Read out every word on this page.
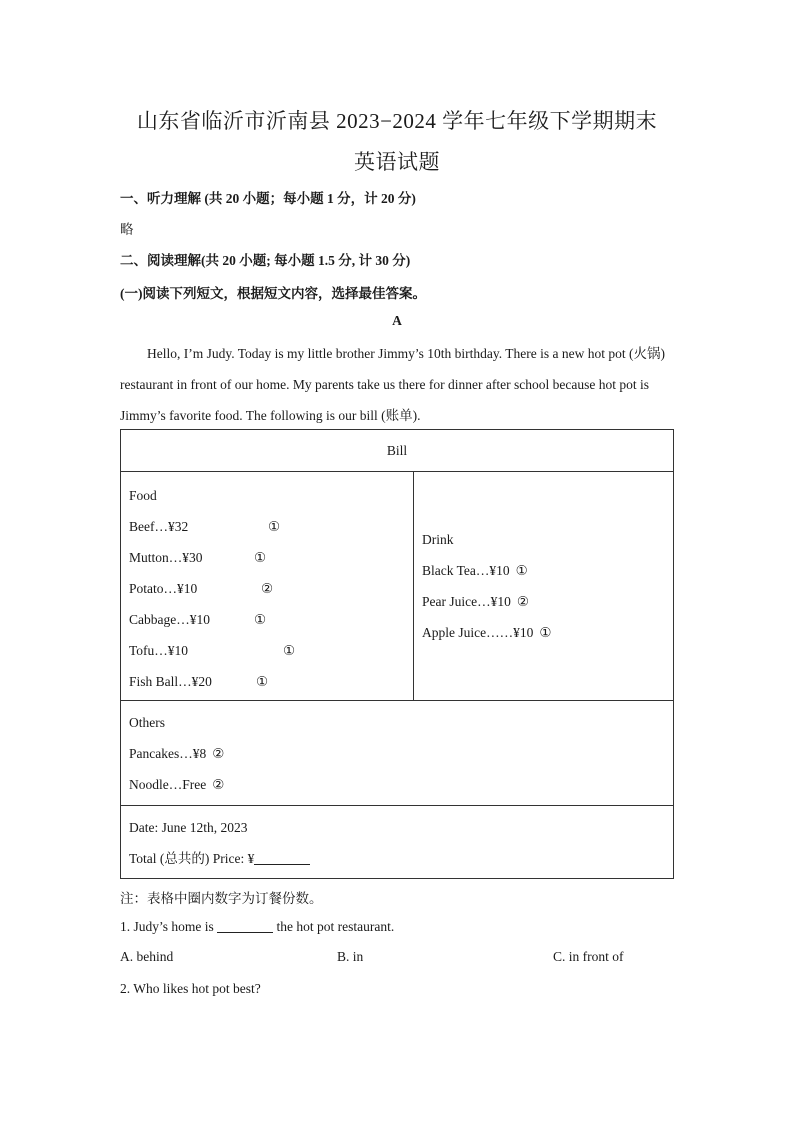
山东省临沂市沂南县 2023−2024 学年七年级下学期期末
英语试题
一、听力理解 (共 20 小题；每小题 1 分，计 20 分)
略
二、阅读理解(共 20 小题; 每小题 1.5 分, 计 30 分)
(一)阅读下列短文，根据短文内容，选择最佳答案。
A
Hello, I’m Judy. Today is my little brother Jimmy’s 10th birthday. There is a new hot pot (火锅) restaurant in front of our home. My parents take us there for dinner after school because hot pot is Jimmy’s favorite food. The following is our bill (账单).
Bill

Food
Beef…¥32	①
Mutton…¥30	①
Potato…¥10	②
Cabbage…¥10	①
Tofu…¥10	①
Fish Ball…¥20	①

Drink
Black Tea…¥10 ①
Pear Juice…¥10 ②
Apple Juice……¥10 ①

Others
Pancakes…¥8 ②
Noodle…Free ②

Date: June 12th, 2023
Total (总共的) Price: ¥
注：表格中圈内数字为订餐份数。
1. Judy’s home is	the hot pot restaurant.
A. behind	B. in	C. in front of
2. Who likes hot pot best?
